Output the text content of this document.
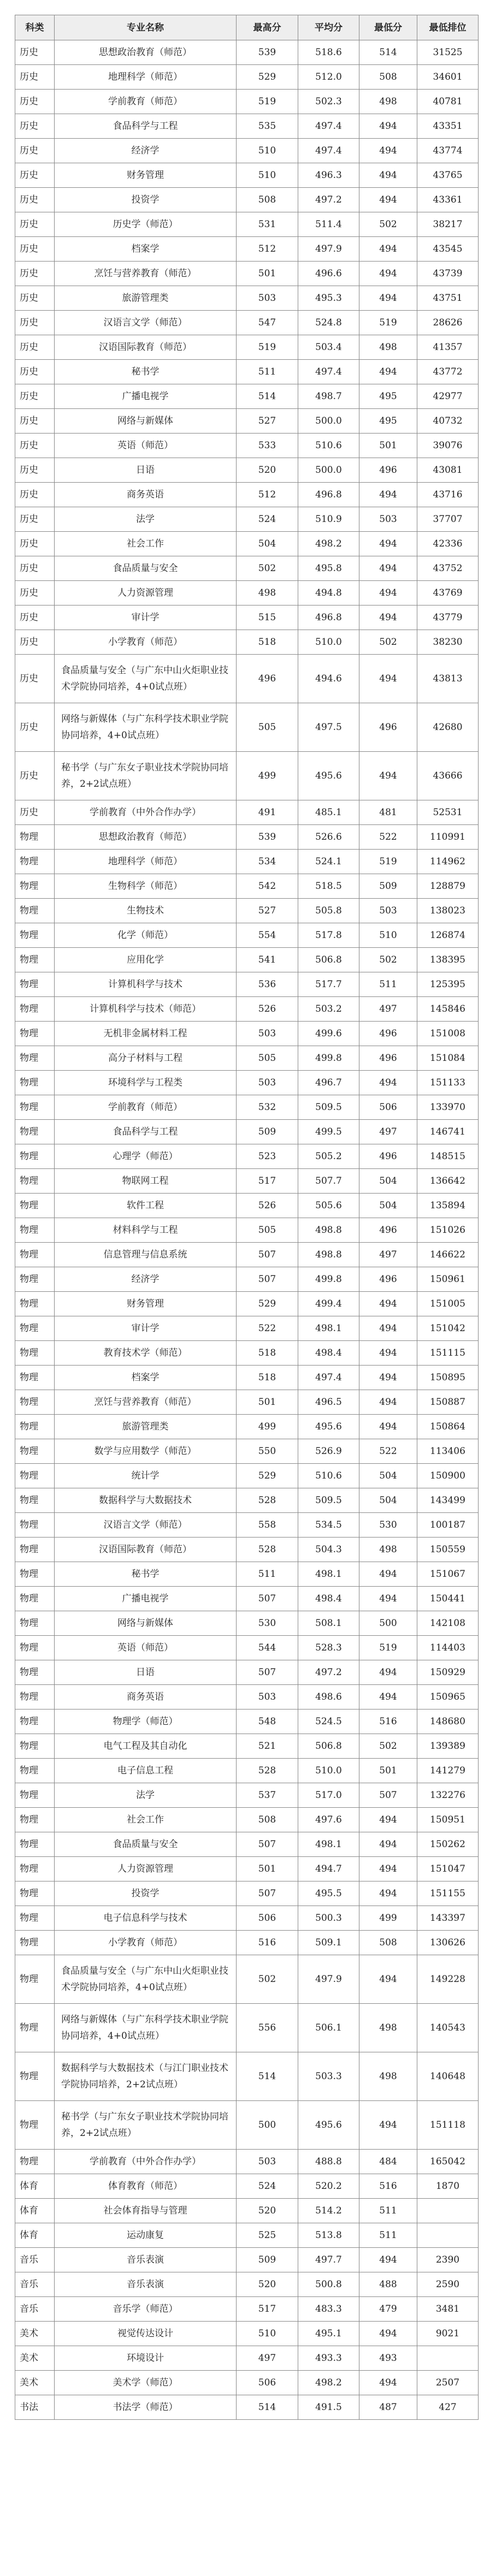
科类	专业名称	最高分	平均分	最低分	最低排位
历史	思想政治教育（师范）	539	518.6	514	31525
历史	地理科学（师范）	529	512.0	508	34601
历史	学前教育（师范）	519	502.3	498	40781
历史	食品科学与工程	535	497.4	494	43351
历史	经济学	510	497.4	494	43774
历史	财务管理	510	496.3	494	43765
历史	投资学	508	497.2	494	43361
历史	历史学（师范）	531	511.4	502	38217
历史	档案学	512	497.9	494	43545
历史	烹饪与营养教育（师范）	501	496.6	494	43739
历史	旅游管理类	503	495.3	494	43751
历史	汉语言文学（师范）	547	524.8	519	28626
历史	汉语国际教育（师范）	519	503.4	498	41357
历史	秘书学	511	497.4	494	43772
历史	广播电视学	514	498.7	495	42977
历史	网络与新媒体	527	500.0	495	40732
历史	英语（师范）	533	510.6	501	39076
历史	日语	520	500.0	496	43081
历史	商务英语	512	496.8	494	43716
历史	法学	524	510.9	503	37707
历史	社会工作	504	498.2	494	42336
历史	食品质量与安全	502	495.8	494	43752
历史	人力资源管理	498	494.8	494	43769
历史	审计学	515	496.8	494	43779
历史	小学教育（师范）	518	510.0	502	38230
历史	食品质量与安全（与广东中山火炬职业技术学院协同培养，4+0试点班）	496	494.6	494	43813
历史	网络与新媒体（与广东科学技术职业学院协同培养，4+0试点班）	505	497.5	496	42680
历史	秘书学（与广东女子职业技术学院协同培养，2+2试点班）	499	495.6	494	43666
历史	学前教育（中外合作办学）	491	485.1	481	52531
物理	思想政治教育（师范）	539	526.6	522	110991
物理	地理科学（师范）	534	524.1	519	114962
物理	生物科学（师范）	542	518.5	509	128879
物理	生物技术	527	505.8	503	138023
物理	化学（师范）	554	517.8	510	126874
物理	应用化学	541	506.8	502	138395
物理	计算机科学与技术	536	517.7	511	125395
物理	计算机科学与技术（师范）	526	503.2	497	145846
物理	无机非金属材料工程	503	499.6	496	151008
物理	高分子材料与工程	505	499.8	496	151084
物理	环境科学与工程类	503	496.7	494	151133
物理	学前教育（师范）	532	509.5	506	133970
物理	食品科学与工程	509	499.5	497	146741
物理	心理学（师范）	523	505.2	496	148515
物理	物联网工程	517	507.7	504	136642
物理	软件工程	526	505.6	504	135894
物理	材料科学与工程	505	498.8	496	151026
物理	信息管理与信息系统	507	498.8	497	146622
物理	经济学	507	499.8	496	150961
物理	财务管理	529	499.4	494	151005
物理	审计学	522	498.1	494	151042
物理	教育技术学（师范）	518	498.4	494	151115
物理	档案学	518	497.4	494	150895
物理	烹饪与营养教育（师范）	501	496.5	494	150887
物理	旅游管理类	499	495.6	494	150864
物理	数学与应用数学（师范）	550	526.9	522	113406
物理	统计学	529	510.6	504	150900
物理	数据科学与大数据技术	528	509.5	504	143499
物理	汉语言文学（师范）	558	534.5	530	100187
物理	汉语国际教育（师范）	528	504.3	498	150559
物理	秘书学	511	498.1	494	151067
物理	广播电视学	507	498.4	494	150441
物理	网络与新媒体	530	508.1	500	142108
物理	英语（师范）	544	528.3	519	114403
物理	日语	507	497.2	494	150929
物理	商务英语	503	498.6	494	150965
物理	物理学（师范）	548	524.5	516	148680
物理	电气工程及其自动化	521	506.8	502	139389
物理	电子信息工程	528	510.0	501	141279
物理	法学	537	517.0	507	132276
物理	社会工作	508	497.6	494	150951
物理	食品质量与安全	507	498.1	494	150262
物理	人力资源管理	501	494.7	494	151047
物理	投资学	507	495.5	494	151155
物理	电子信息科学与技术	506	500.3	499	143397
物理	小学教育（师范）	516	509.1	508	130626
物理	食品质量与安全（与广东中山火炬职业技术学院协同培养，4+0试点班）	502	497.9	494	149228
物理	网络与新媒体（与广东科学技术职业学院协同培养，4+0试点班）	556	506.1	498	140543
物理	数据科学与大数据技术（与江门职业技术学院协同培养，2+2试点班）	514	503.3	498	140648
物理	秘书学（与广东女子职业技术学院协同培养，2+2试点班）	500	495.6	494	151118
物理	学前教育（中外合作办学）	503	488.8	484	165042
体育	体育教育（师范）	524	520.2	516	1870
体育	社会体育指导与管理	520	514.2	511	
体育	运动康复	525	513.8	511	
音乐	音乐表演	509	497.7	494	2390
音乐	音乐表演	520	500.8	488	2590
音乐	音乐学（师范）	517	483.3	479	3481
美术	视觉传达设计	510	495.1	494	9021
美术	环境设计	497	493.3	493	
美术	美术学（师范）	506	498.2	494	2507
书法	书法学（师范）	514	491.5	487	427
